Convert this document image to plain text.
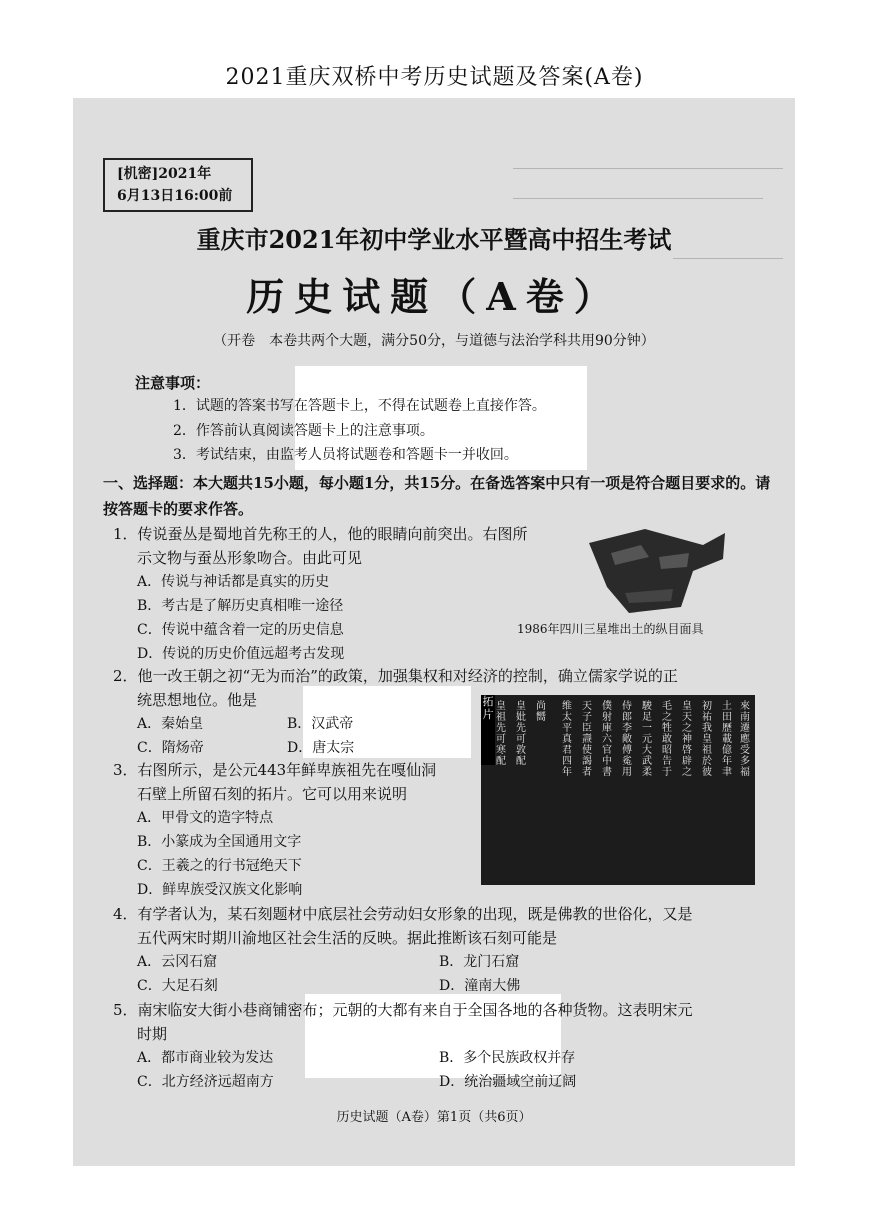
2021重庆双桥中考历史试题及答案(A卷)
[机密]2021年
6月13日16:00前
重庆市2021年初中学业水平暨高中招生考试
历史试题（A卷）
（开卷　本卷共两个大题，满分50分，与道德与法治学科共用90分钟）
注意事项：
1．试题的答案书写在答题卡上，不得在试题卷上直接作答。
2．作答前认真阅读答题卡上的注意事项。
3．考试结束，由监考人员将试题卷和答题卡一并收回。
一、选择题：本大题共15小题，每小题1分，共15分。在备选答案中只有一项是符合题目要求的。请按答题卡的要求作答。
1．传说蚕丛是蜀地首先称王的人，他的眼睛向前突出。右图所
示文物与蚕丛形象吻合。由此可见
A．传说与神话都是真实的历史
B．考古是了解历史真相唯一途径
C．传说中蕴含着一定的历史信息
D．传说的历史价值远超考古发现
1986年四川三星堆出土的纵目面具
2．他一改王朝之初“无为而治”的政策，加强集权和对经济的控制，确立儒家学说的正
统思想地位。他是
A．秦始皇	B．汉武帝
C．隋炀帝	D．唐太宗
皇祖先可寒配
皇妣先可敦配
尚嚮
维太平真君四年
天子臣燾使謁者
僕射庫六官中書
侍郎李敞傅㝹用
駿足一元大武柔
毛之牲敢昭告于
皇天之神啓辟之
初祐我皇祖於彼
土田歷載億年聿
來南遷應受多福
拓片
3．右图所示，是公元443年鲜卑族祖先在嘎仙洞
石壁上所留石刻的拓片。它可以用来说明
A．甲骨文的造字特点
B．小篆成为全国通用文字
C．王羲之的行书冠绝天下
D．鲜卑族受汉族文化影响
4．有学者认为，某石刻题材中底层社会劳动妇女形象的出现，既是佛教的世俗化，又是
五代两宋时期川渝地区社会生活的反映。据此推断该石刻可能是
A．云冈石窟	B．龙门石窟
C．大足石刻	D．潼南大佛
5．南宋临安大街小巷商铺密布；元朝的大都有来自于全国各地的各种货物。这表明宋元
时期
A．都市商业较为发达	B．多个民族政权并存
C．北方经济远超南方	D．统治疆域空前辽阔
历史试题（A卷）第1页（共6页）
